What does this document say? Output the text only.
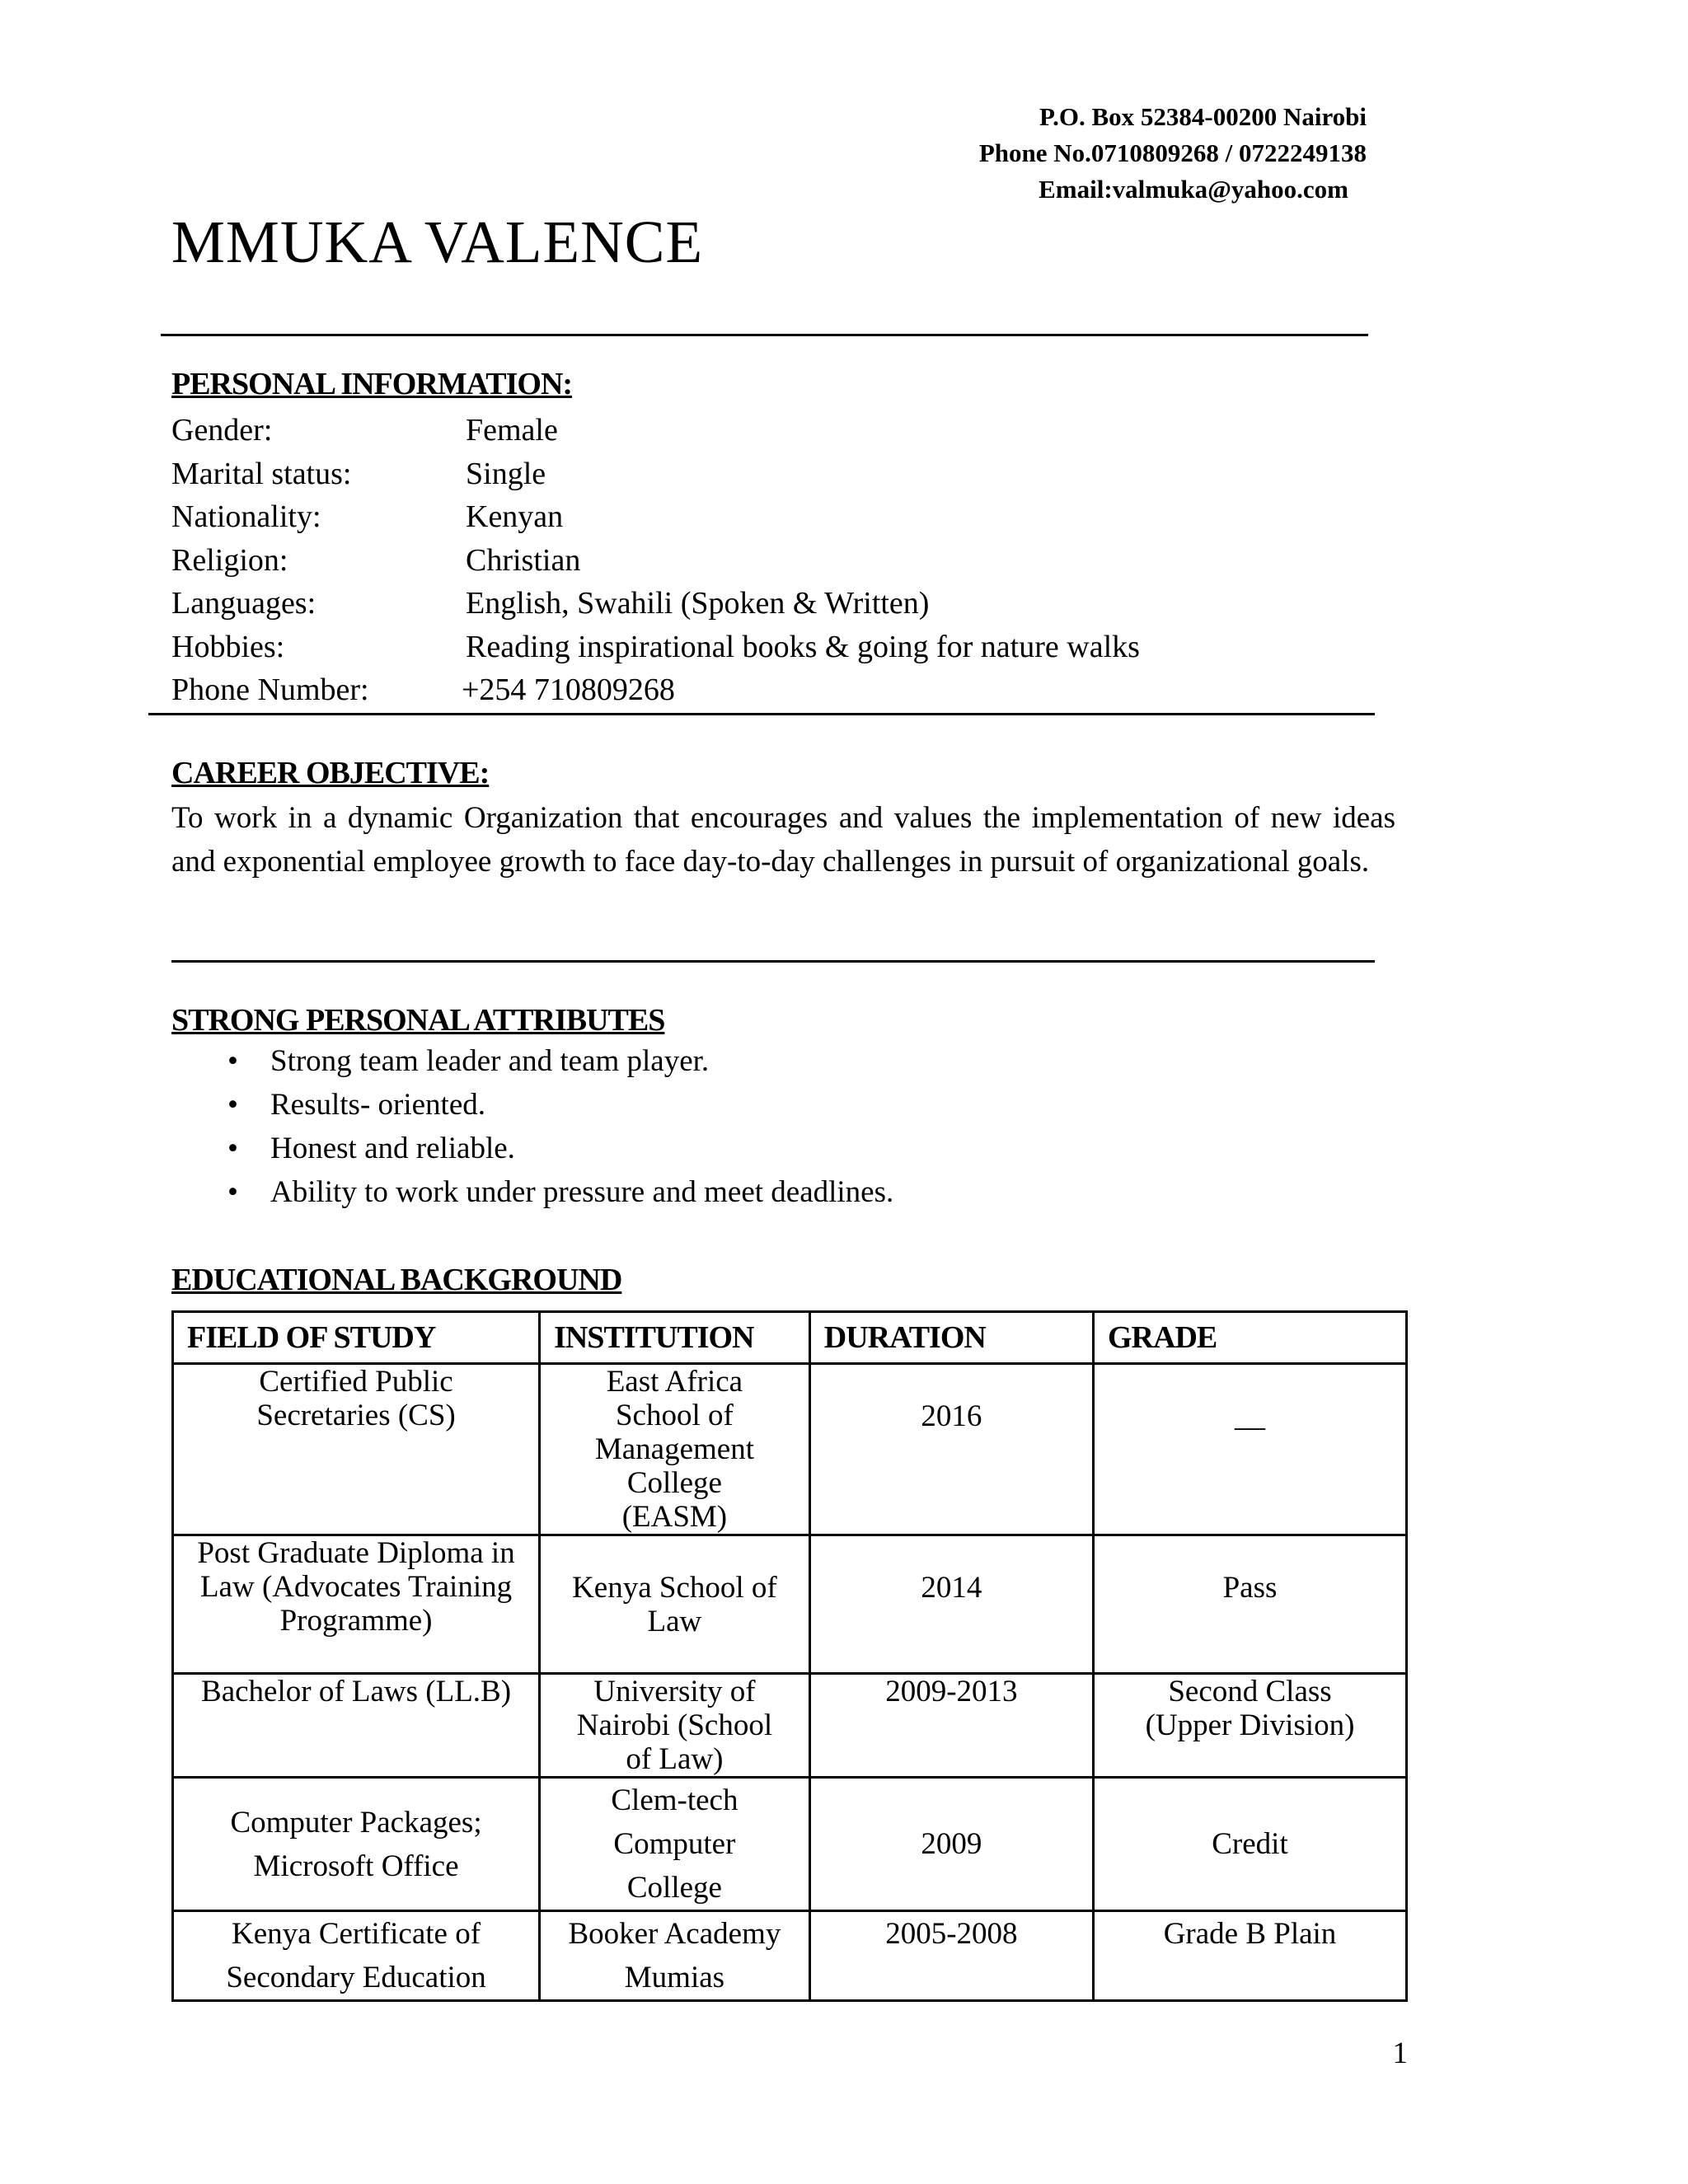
P.O. Box 52384-00200 Nairobi
Phone No.0710809268 / 0722249138
Email:valmuka@yahoo.com
MMUKA VALENCE
PERSONAL INFORMATION:
Gender:	Female
Marital status:	Single
Nationality:	Kenyan
Religion:	Christian
Languages:	English, Swahili (Spoken & Written)
Hobbies:	Reading inspirational books & going for nature walks
Phone Number:	+254 710809268
CAREER OBJECTIVE:
To work in a dynamic Organization that encourages and values the implementation of new ideas and exponential employee growth to face day-to-day challenges in pursuit of organizational goals.
STRONG PERSONAL ATTRIBUTES
• Strong team leader and team player.
• Results- oriented.
• Honest and reliable.
• Ability to work under pressure and meet deadlines.
EDUCATIONAL BACKGROUND
FIELD OF STUDY	INSTITUTION	DURATION	GRADE
Certified Public Secretaries (CS)	East Africa School of Management College (EASM)	2016	__
Post Graduate Diploma in Law (Advocates Training Programme)	Kenya School of Law	2014	Pass
Bachelor of Laws (LL.B)	University of Nairobi (School of Law)	2009-2013	Second Class (Upper Division)
Computer Packages; Microsoft Office	Clem-tech Computer College	2009	Credit
Kenya Certificate of Secondary Education	Booker Academy Mumias	2005-2008	Grade B Plain
1
